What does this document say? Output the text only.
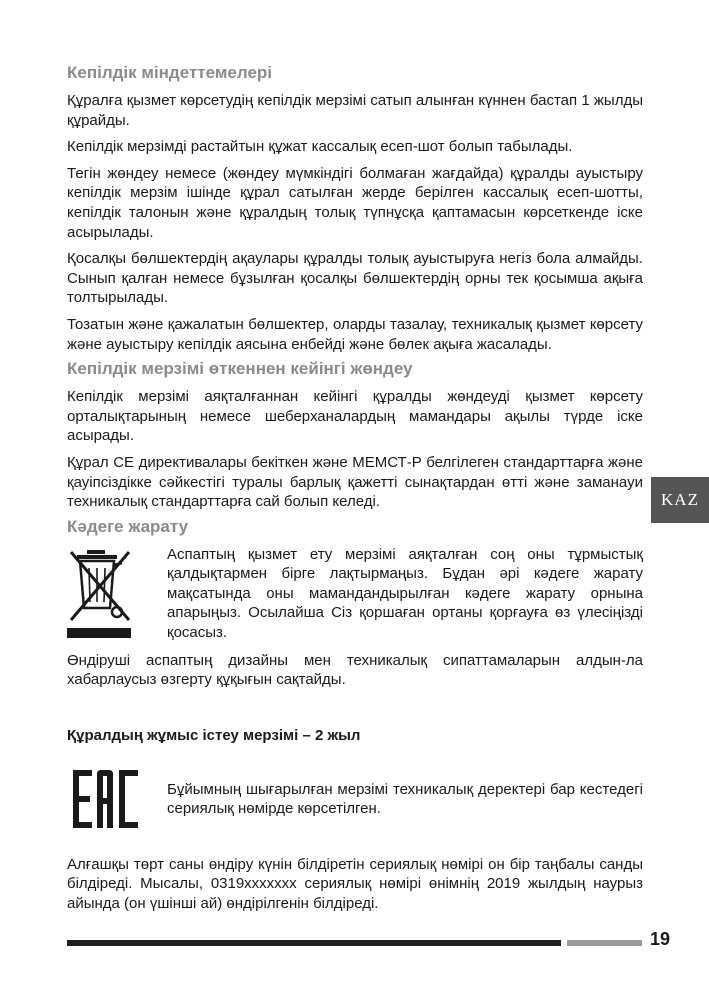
Кепілдік міндеттемелері

Құралға қызмет көрсетудің кепілдік мерзімі сатып алынған күннен бастап 1 жылды құрайды.

Кепілдік мерзімді растайтын құжат кассалық есеп-шот болып табылады.

Тегін жөндеу немесе (жөндеу мүмкіндігі болмаған жағдайда) құралды ауыстыру кепілдік мерзім ішінде құрал сатылған жерде берілген кассалық есеп-шотты, кепілдік талонын және құралдың толық түпнұсқа қаптамасын көрсеткенде іске асырылады.

Қосалқы бөлшектердің ақаулары құралды толық ауыстыруға негіз бола алмайды. Сынып қалған немесе бұзылған қосалқы бөлшектердің орны тек қосымша ақыға толтырылады.

Тозатын және қажалатын бөлшектер, оларды тазалау, техникалық қызмет көрсету және ауыстыру кепілдік аясына енбейді және бөлек ақыға жасалады.

Кепілдік мерзімі өткеннен кейінгі жөндеу

Кепілдік мерзімі аяқталғаннан кейінгі құралды жөндеуді қызмет көрсету орталықтарының немесе шеберханалардың мамандары ақылы түрде іске асырады.

Құрал CE директивалары бекіткен және МЕМСТ-Р белгілеген стандарттарға және қауіпсіздікке сәйкестігі туралы барлық қажетті сынақтардан өтті және заманауи техникалық стандарттарға сай болып келеді.

Кәдеге жарату

Аспаптың қызмет ету мерзімі аяқталған соң оны тұрмыстық қалдықтармен бірге лақтырмаңыз. Бұдан әрі кәдеге жарату мақсатында оны мамандандырылған кәдеге жарату орнына апарыңыз. Осылайша Сіз қоршаған ортаны қорғауға өз үлесіңізді қосасыз.

Өндіруші аспаптың дизайны мен техникалық сипаттамаларын алдын-ла хабарлаусыз өзгерту құқығын сақтайды.

Құралдың жұмыс істеу мерзімі – 2 жыл

Бұйымның шығарылған мерзімі техникалық деректері бар кестедегі сериялық нөмірде көрсетілген.

Алғашқы төрт саны өндіру күнін білдіретін сериялық нөмірі он бір таңбалы санды білдіреді. Мысалы, 0319xxxxxxx сериялық нөмірі өнімнің 2019 жылдың наурыз айында (он үшінші ай) өндірілгенін білдіреді.

KAZ
19
